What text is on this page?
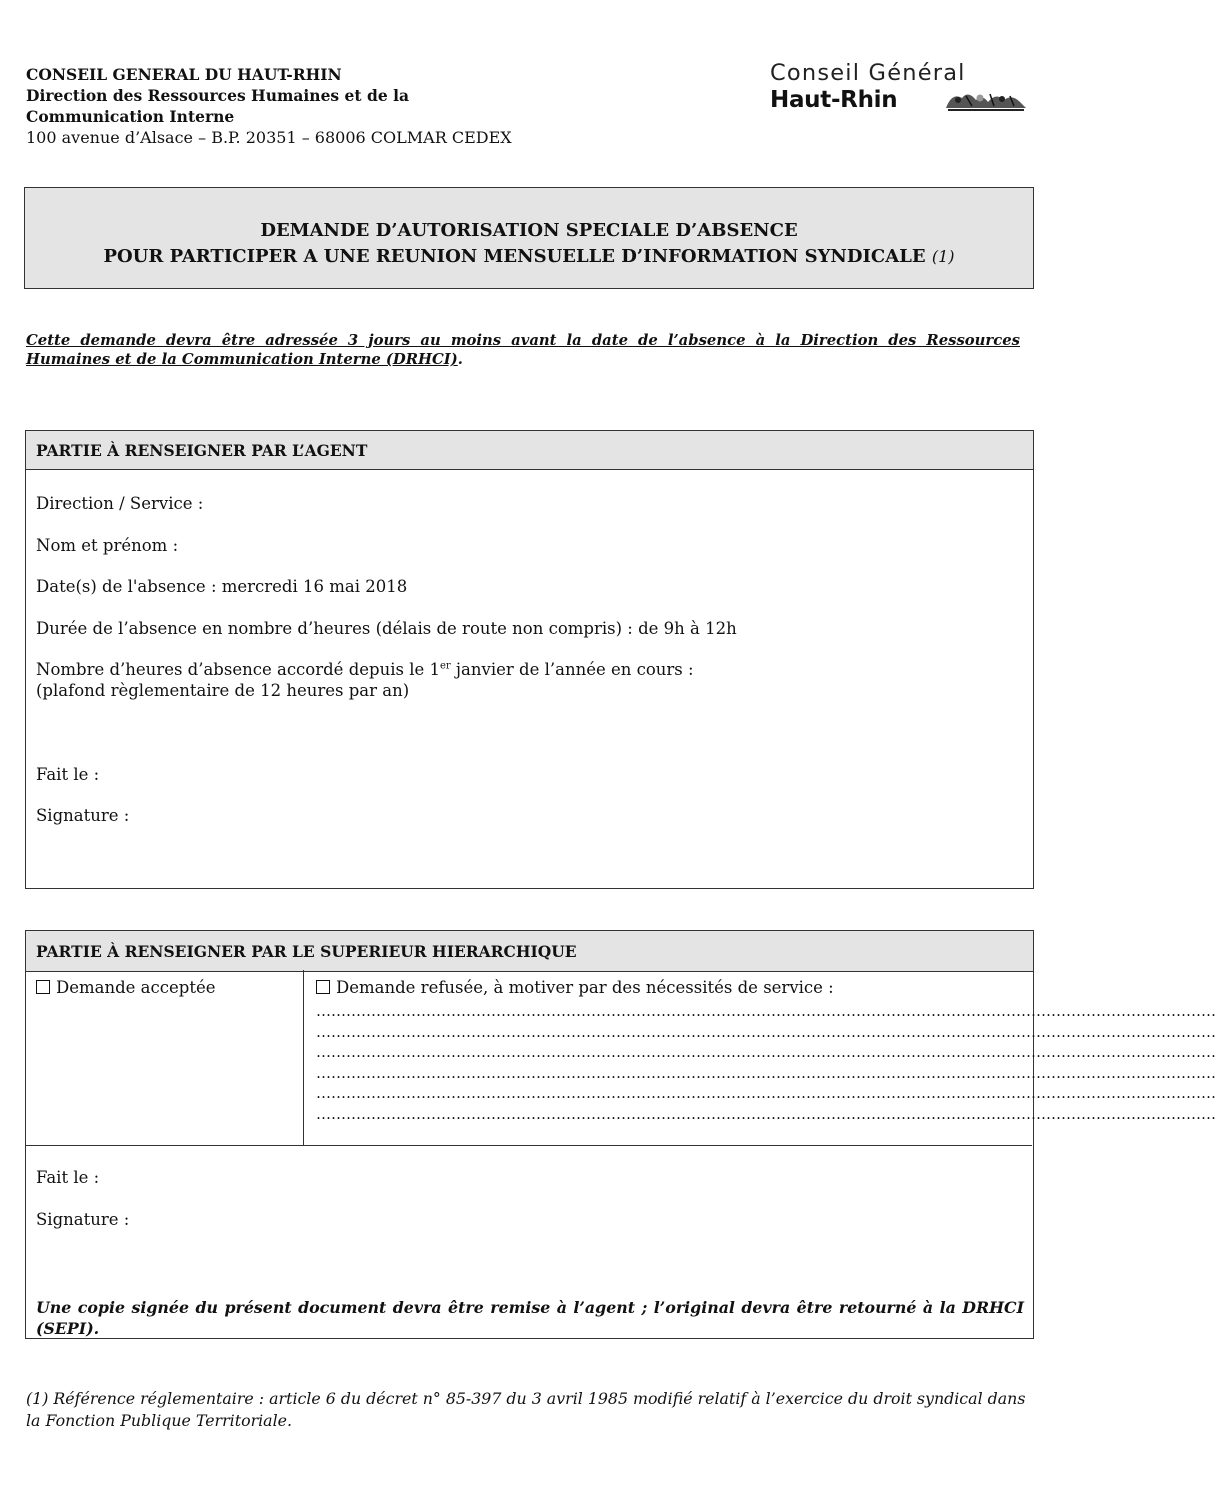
CONSEIL GENERAL DU HAUT-RHIN
Direction des Ressources Humaines et de la
Communication Interne
100 avenue d’Alsace – B.P. 20351 – 68006 COLMAR CEDEX
Conseil Général
Haut-Rhin
DEMANDE D’AUTORISATION SPECIALE D’ABSENCE
POUR PARTICIPER A UNE REUNION MENSUELLE D’INFORMATION SYNDICALE (1)
Cette demande devra être adressée 3 jours au moins avant la date de l’absence à la Direction des Ressources Humaines et de la Communication Interne (DRHCI).
PARTIE À RENSEIGNER PAR L’AGENT
Direction / Service :
Nom et prénom :
Date(s) de l'absence : mercredi 16 mai 2018
Durée de l’absence en nombre d’heures (délais de route non compris) : de 9h à 12h
Nombre d’heures d’absence accordé depuis le 1er janvier de l’année en cours :
(plafond règlementaire de 12 heures par an)
Fait le :
Signature :
PARTIE À RENSEIGNER PAR LE SUPERIEUR HIERARCHIQUE
Demande acceptée	Demande refusée, à motiver par des nécessités de service :
………………………………………………………………………………………………………………………………………………………………
………………………………………………………………………………………………………………………………………………………………
………………………………………………………………………………………………………………………………………………………………
………………………………………………………………………………………………………………………………………………………………
………………………………………………………………………………………………………………………………………………………………
………………………………………………………………………………………………………………………………………………………………
Fait le :
Signature :
Une copie signée du présent document devra être remise à l’agent ; l’original devra être retourné à la DRHCI (SEPI).
(1) Référence réglementaire : article 6 du décret n° 85-397 du 3 avril 1985 modifié relatif à l’exercice du droit syndical dans la Fonction Publique Territoriale.
